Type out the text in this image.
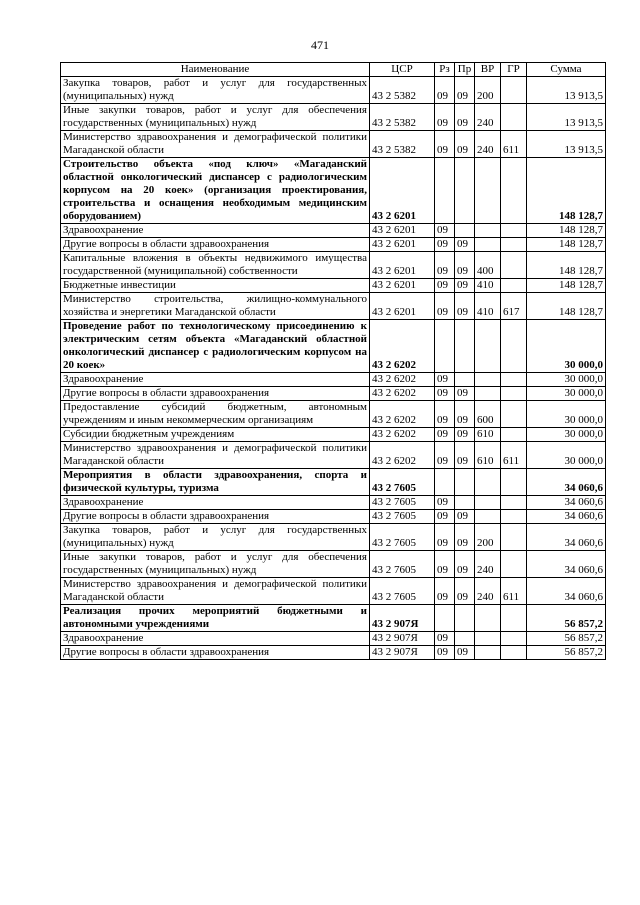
471
Наименование	ЦСР	Рз	Пр	ВР	ГР	Сумма
Закупка товаров, работ и услуг для государственных (муниципальных) нужд	43 2 5382	09	09	200		13 913,5
Иные закупки товаров, работ и услуг для обеспечения государственных (муниципальных) нужд	43 2 5382	09	09	240		13 913,5
Министерство здравоохранения и демографической политики Магаданской области	43 2 5382	09	09	240	611	13 913,5
Строительство объекта «под ключ» «Магаданский областной онкологический диспансер с радиологическим корпусом на 20 коек» (организация проектирования, строительства и оснащения необходимым медицинским оборудованием)	43 2 6201					148 128,7
Здравоохранение	43 2 6201	09				148 128,7
Другие вопросы в области здравоохранения	43 2 6201	09	09			148 128,7
Капитальные вложения в объекты недвижимого имущества государственной (муниципальной) собственности	43 2 6201	09	09	400		148 128,7
Бюджетные инвестиции	43 2 6201	09	09	410		148 128,7
Министерство строительства, жилищно-коммунального хозяйства и энергетики Магаданской области	43 2 6201	09	09	410	617	148 128,7
Проведение работ по технологическому присоединению к электрическим сетям объекта «Магаданский областной онкологический диспансер с радиологическим корпусом на 20 коек»	43 2 6202					30 000,0
Здравоохранение	43 2 6202	09				30 000,0
Другие вопросы в области здравоохранения	43 2 6202	09	09			30 000,0
Предоставление субсидий бюджетным, автономным учреждениям и иным некоммерческим организациям	43 2 6202	09	09	600		30 000,0
Субсидии бюджетным учреждениям	43 2 6202	09	09	610		30 000,0
Министерство здравоохранения и демографической политики Магаданской области	43 2 6202	09	09	610	611	30 000,0
Мероприятия в области здравоохранения, спорта и физической культуры, туризма	43 2 7605					34 060,6
Здравоохранение	43 2 7605	09				34 060,6
Другие вопросы в области здравоохранения	43 2 7605	09	09			34 060,6
Закупка товаров, работ и услуг для государственных (муниципальных) нужд	43 2 7605	09	09	200		34 060,6
Иные закупки товаров, работ и услуг для обеспечения государственных (муниципальных) нужд	43 2 7605	09	09	240		34 060,6
Министерство здравоохранения и демографической политики Магаданской области	43 2 7605	09	09	240	611	34 060,6
Реализация прочих мероприятий бюджетными и автономными учреждениями	43 2 907Я					56 857,2
Здравоохранение	43 2 907Я	09				56 857,2
Другие вопросы в области здравоохранения	43 2 907Я	09	09			56 857,2
